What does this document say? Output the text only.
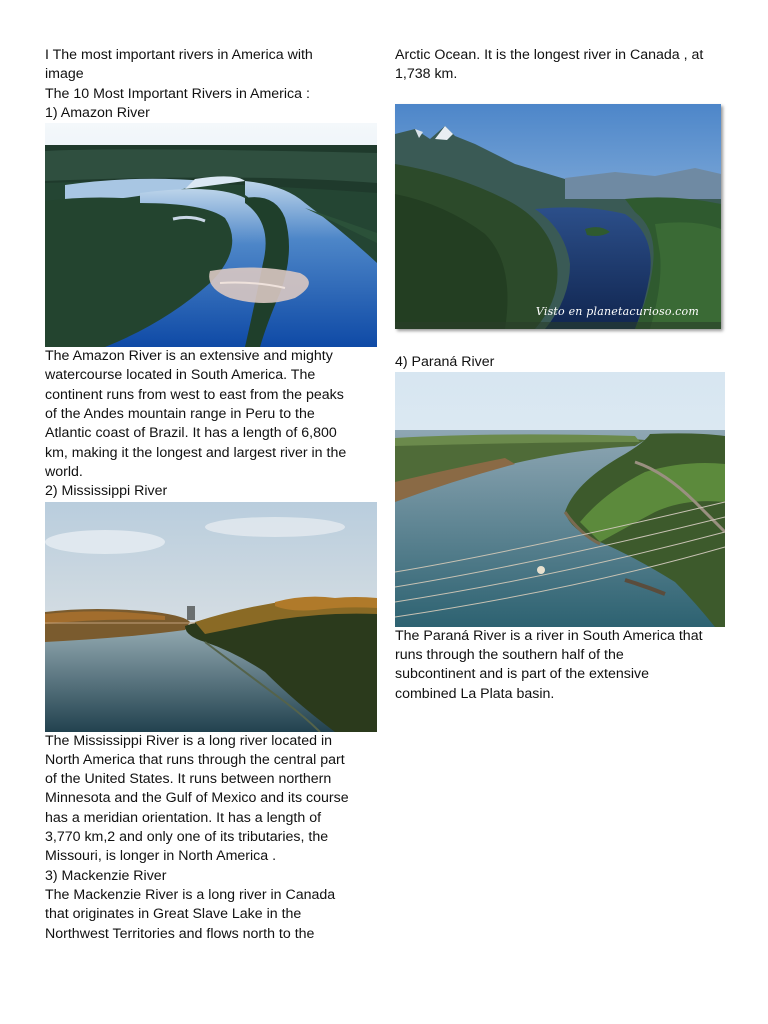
I The most important rivers in America with
image
The 10 Most Important Rivers in America :
1) Amazon River
The Amazon River is an extensive and mighty
watercourse located in South America. The
continent runs from west to east from the peaks
of the Andes mountain range in Peru to the
Atlantic coast of Brazil. It has a length of 6,800
km, making it the longest and largest river in the
world.
2) Mississippi River
The Mississippi River is a long river located in
North America that runs through the central part
of the United States. It runs between northern
Minnesota and the Gulf of Mexico and its course
has a meridian orientation. It has a length of
3,770 km,2 and only one of its tributaries, the
Missouri, is longer in North America .
3) Mackenzie River
The Mackenzie River is a long river in Canada
that originates in Great Slave Lake in the
Northwest Territories and flows north to the
Arctic Ocean. It is the longest river in Canada , at
1,738 km.
Visto en planetacurioso.com
4) Paraná River
The Paraná River is a river in South America that
runs through the southern half of the
subcontinent and is part of the extensive
combined La Plata basin.
